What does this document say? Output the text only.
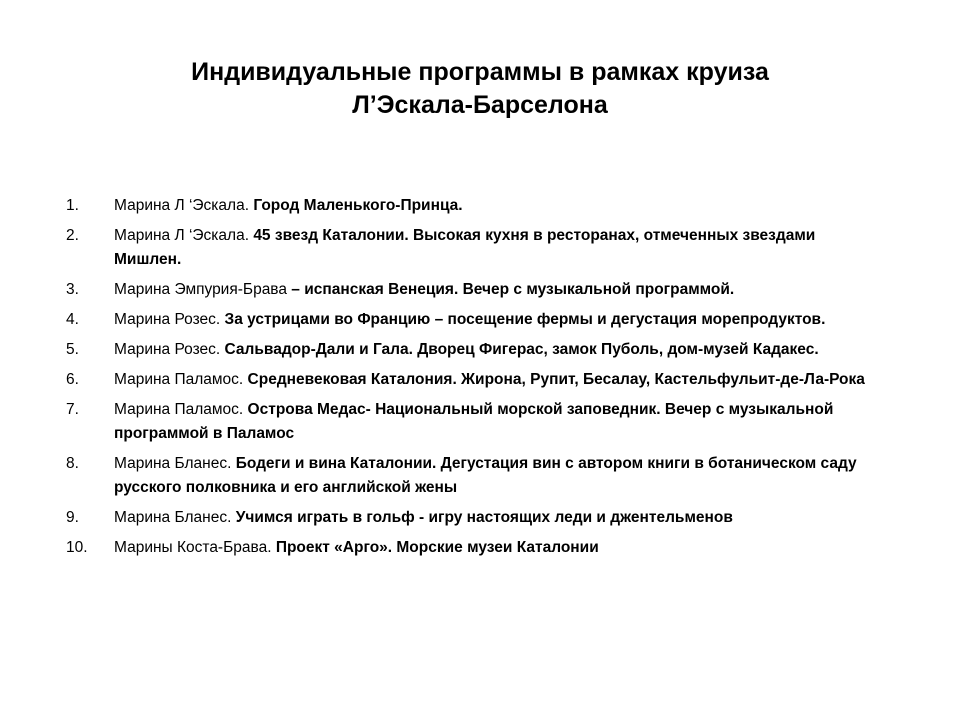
Индивидуальные программы в рамках круиза
Л’Эскала-Барселона
1.	Марина Л ‘Эскала. Город Маленького-Принца.
2.	Марина Л ‘Эскала. 45 звезд Каталонии. Высокая кухня в ресторанах, отмеченных звездами Мишлен.
3.	Марина Эмпурия-Брава – испанская Венеция. Вечер с музыкальной программой.
4.	Марина Розес. За устрицами во Францию – посещение фермы и дегустация морепродуктов.
5.	Марина Розес. Сальвадор-Дали и Гала. Дворец Фигерас, замок Пуболь, дом-музей Кадакес.
6.	Марина Паламос. Средневековая Каталония. Жирона, Рупит, Бесалау, Кастельфульит-де-Ла-Рока
7.	Марина Паламос. Острова Медас- Национальный морской заповедник. Вечер с музыкальной программой в Паламос
8.	Марина Бланес. Бодеги и вина Каталонии. Дегустация вин с автором книги в ботаническом саду русского полковника и его английской жены
9.	Марина Бланес. Учимся играть в гольф - игру настоящих леди и джентельменов
10.	Марины Коста-Брава. Проект «Арго». Морские музеи Каталонии
